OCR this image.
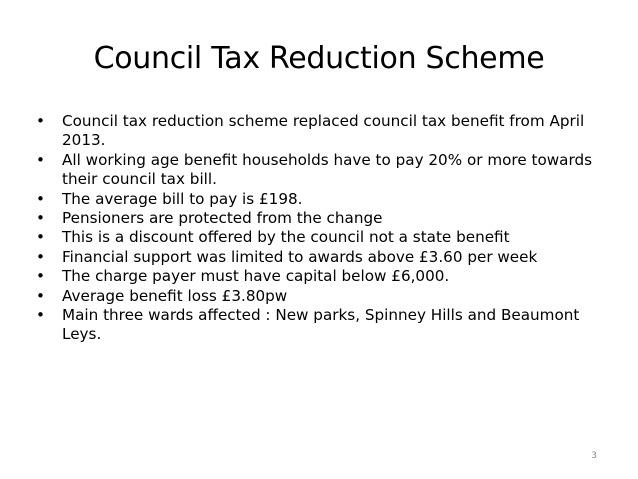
Council Tax Reduction Scheme
•	Council tax reduction scheme replaced council tax benefit from April 2013.
•	All working age benefit households have to pay 20% or more towards their council tax bill.
•	The average bill to pay is £198.
•	Pensioners are protected from the change
•	This is a discount offered by the council not a state benefit
•	Financial support was limited to awards above £3.60 per week
•	The charge payer must have capital below £6,000.
•	Average benefit loss £3.80pw
•	Main three wards affected : New parks, Spinney Hills and Beaumont Leys.
3
